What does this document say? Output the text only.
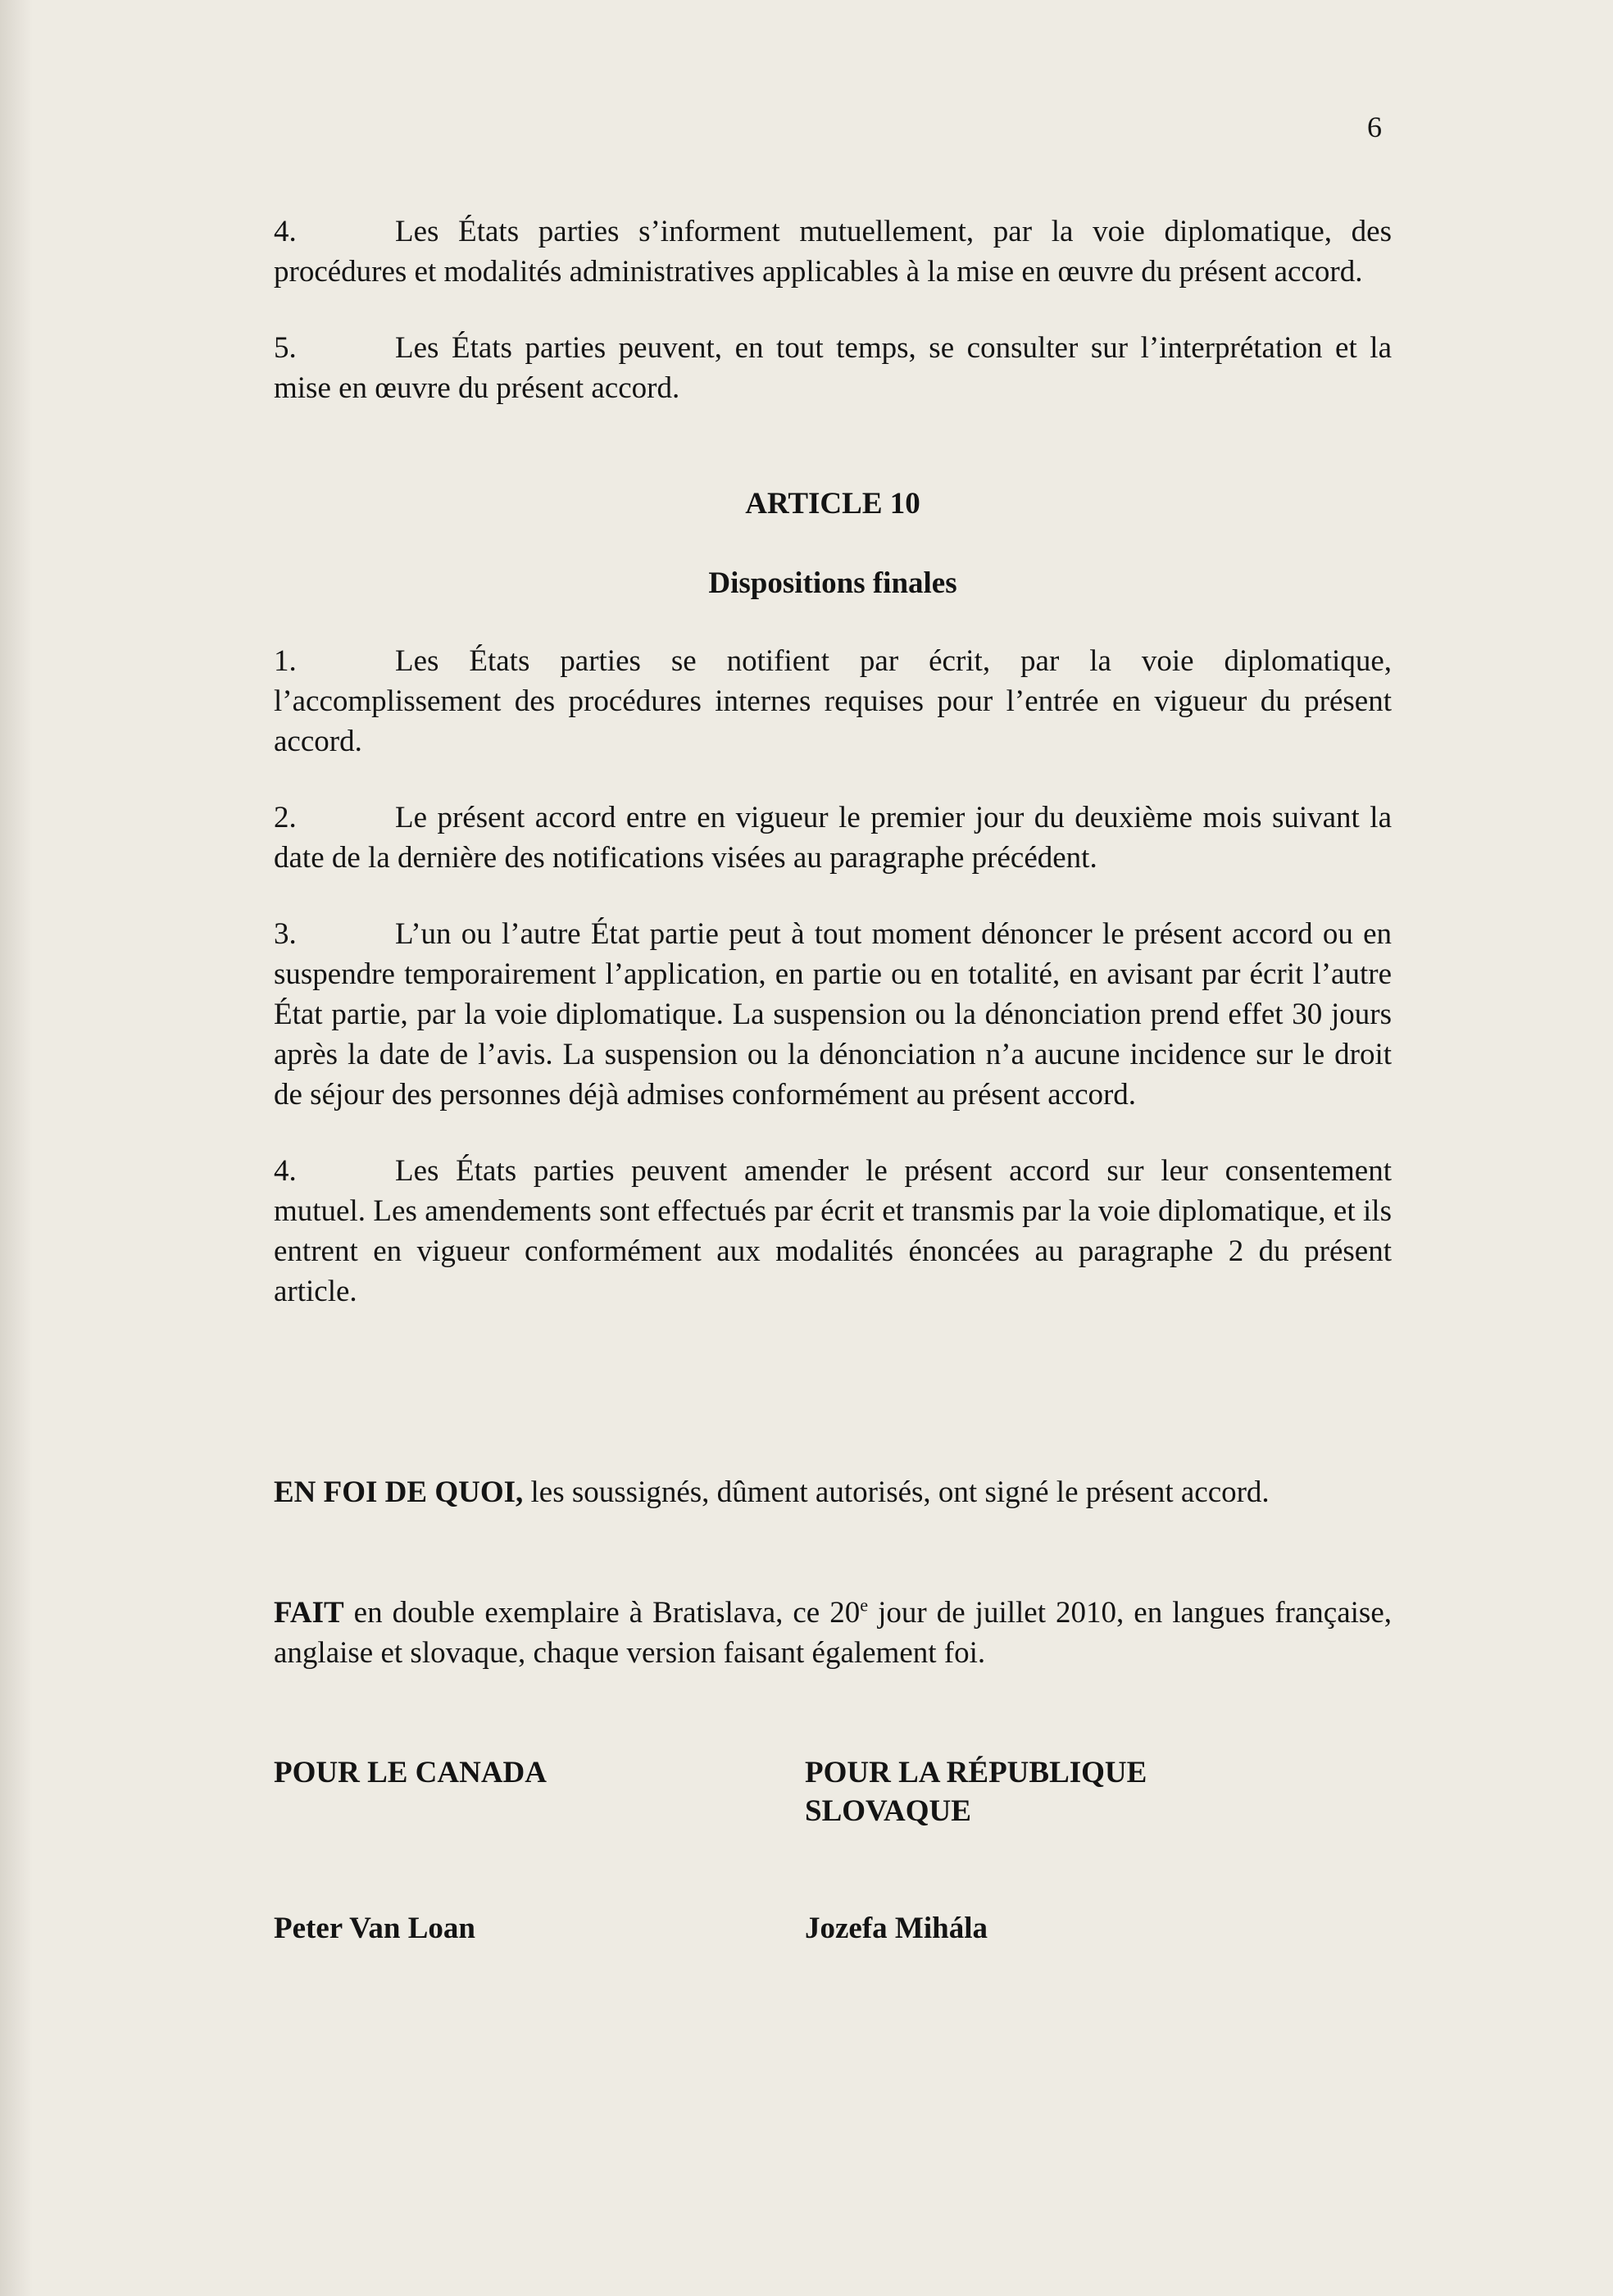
6

4.	Les États parties s’informent mutuellement, par la voie diplomatique, des procédures et modalités administratives applicables à la mise en œuvre du présent accord.

5.	Les États parties peuvent, en tout temps, se consulter sur l’interprétation et la mise en œuvre du présent accord.

ARTICLE 10

Dispositions finales

1.	Les États parties se notifient par écrit, par la voie diplomatique, l’accomplissement des procédures internes requises pour l’entrée en vigueur du présent accord.

2.	Le présent accord entre en vigueur le premier jour du deuxième mois suivant la date de la dernière des notifications visées au paragraphe précédent.

3.	L’un ou l’autre État partie peut à tout moment dénoncer le présent accord ou en suspendre temporairement l’application, en partie ou en totalité, en avisant par écrit l’autre État partie, par la voie diplomatique. La suspension ou la dénonciation prend effet 30 jours après la date de l’avis. La suspension ou la dénonciation n’a aucune incidence sur le droit de séjour des personnes déjà admises conformément au présent accord.

4.	Les États parties peuvent amender le présent accord sur leur consentement mutuel. Les amendements sont effectués par écrit et transmis par la voie diplomatique, et ils entrent en vigueur conformément aux modalités énoncées au paragraphe 2 du présent article.

EN FOI DE QUOI, les soussignés, dûment autorisés, ont signé le présent accord.

FAIT en double exemplaire à Bratislava, ce 20e jour de juillet 2010, en langues française, anglaise et slovaque, chaque version faisant également foi.

POUR LE CANADA	POUR LA RÉPUBLIQUE
SLOVAQUE
Peter Van Loan	Jozefa Mihála
